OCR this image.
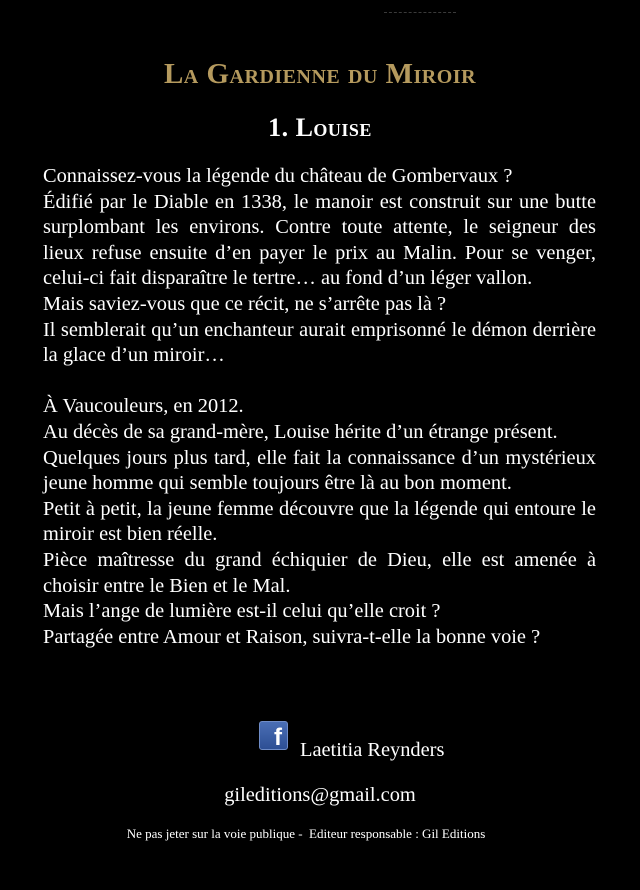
La Gardienne du Miroir
1. Louise

Connaissez-vous la légende du château de Gombervaux ?

Édifié par le Diable en 1338, le manoir est construit sur une butte surplombant les environs. Contre toute attente, le seigneur des lieux refuse ensuite d’en payer le prix au Malin. Pour se venger, celui-ci fait disparaître le tertre… au fond d’un léger vallon.

Mais saviez-vous que ce récit, ne s’arrête pas là ?

Il semblerait qu’un enchanteur aurait emprisonné le démon derrière la glace d’un miroir…

À Vaucouleurs, en 2012.

Au décès de sa grand-mère, Louise hérite d’un étrange présent.

Quelques jours plus tard, elle fait la connaissance d’un mystérieux jeune homme qui semble toujours être là au bon moment.

Petit à petit, la jeune femme découvre que la légende qui entoure le miroir est bien réelle.

Pièce maîtresse du grand échiquier de Dieu, elle est amenée à choisir entre le Bien et le Mal.

Mais l’ange de lumière est-il celui qu’elle croit ?

Partagée entre Amour et Raison, suivra-t-elle la bonne voie ?

f Laetitia Reynders
gileditions@gmail.com
Ne pas jeter sur la voie publique -  Editeur responsable : Gil Editions
